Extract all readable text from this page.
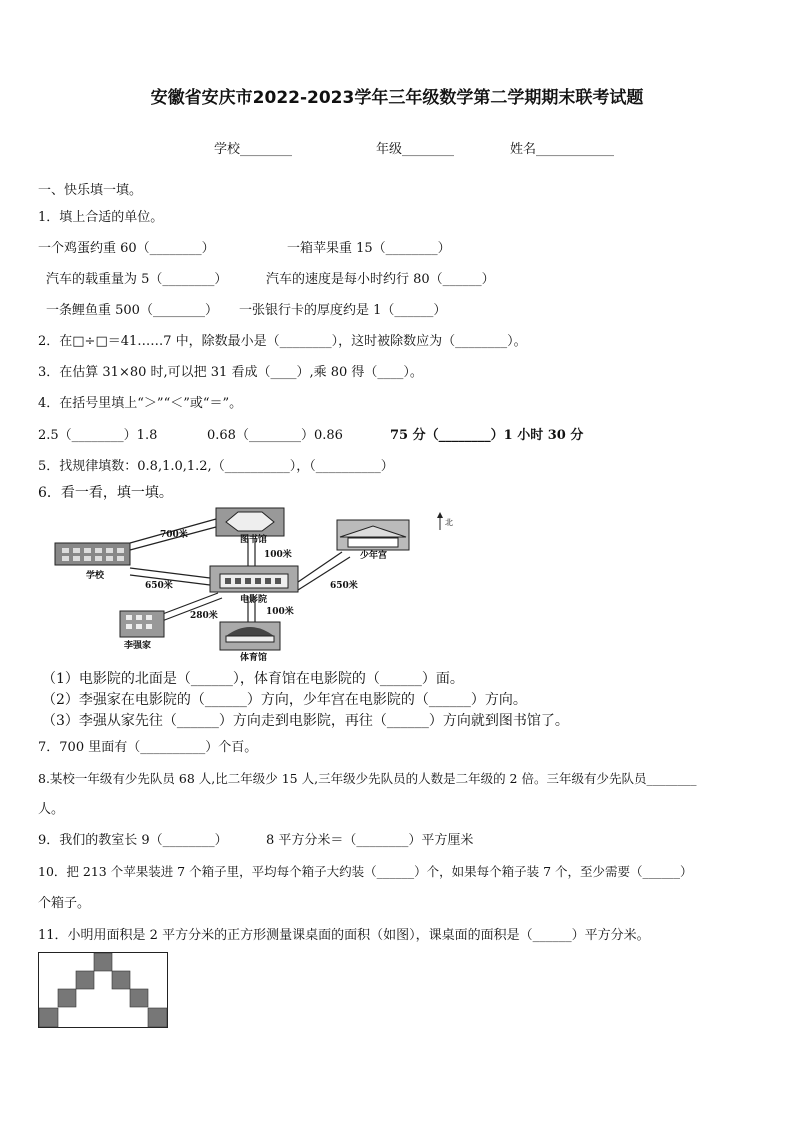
安徽省安庆市2022-2023学年三年级数学第二学期期末联考试题
学校________	年级________	姓名____________
一、快乐填一填。
1．填上合适的单位。
一个鸡蛋约重 60（________）	一箱苹果重 15（________）
汽车的载重量为 5（________）	汽车的速度是每小时约行 80（______）
一条鲤鱼重 500（________） 一张银行卡的厚度约是 1（______）
2．在□÷□＝41……7 中，除数最小是（________），这时被除数应为（________）。
3．在估算 31×80 时,可以把 31 看成（____）,乘 80 得（____）。
4．在括号里填上“＞”“＜”或“＝”。
2.5（________）1.8	0.68（________）0.86	75 分（________）1 小时 30 分
5．找规律填数：0.8,1.0,1.2,（__________），（__________）
6．看一看，填一填。
图书馆
学校
少年宫
电影院
李强家
体育馆
北
700米
100米
650米	650米
280米	100米
（1）电影院的北面是（______），体育馆在电影院的（______）面。
（2）李强家在电影院的（______）方向，少年宫在电影院的（______）方向。
（3）李强从家先往（______）方向走到电影院，再往（______）方向就到图书馆了。
7．700 里面有（__________）个百。
8.某校一年级有少先队员 68 人,比二年级少 15 人,三年级少先队员的人数是二年级的 2 倍。三年级有少先队员________
人。
9．我们的教室长 9（________）	8 平方分米＝（________）平方厘米
10．把 213 个苹果装进 7 个箱子里，平均每个箱子大约装（______）个，如果每个箱子装 7 个，至少需要（______）
个箱子。
11．小明用面积是 2 平方分米的正方形测量课桌面的面积（如图），课桌面的面积是（______）平方分米。
